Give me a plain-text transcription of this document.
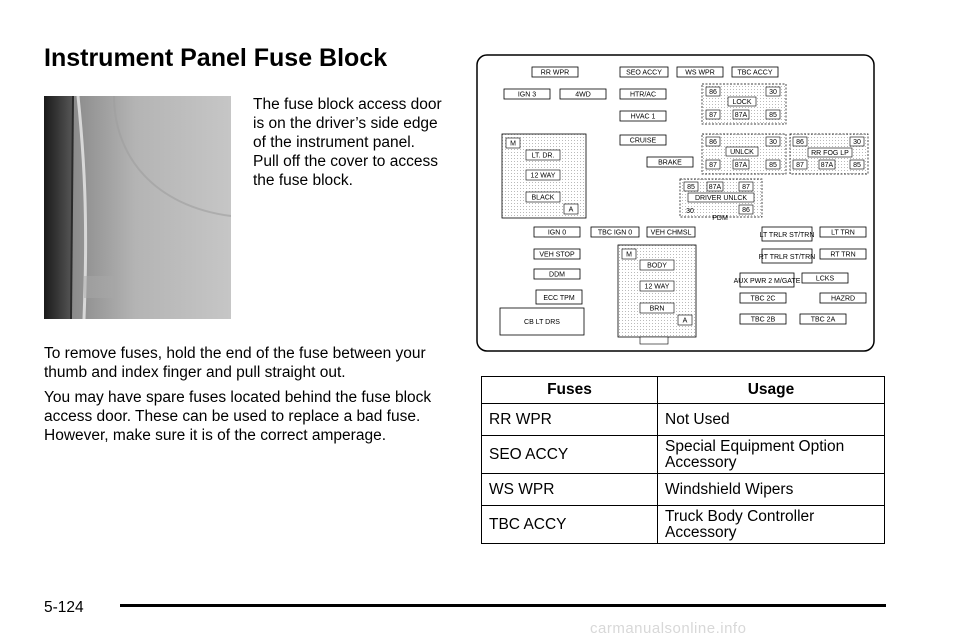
Instrument Panel Fuse Block

The fuse block access door is on the driver’s side edge of the instrument panel. Pull off the cover to access the fuse block.

To remove fuses, hold the end of the fuse between your thumb and index finger and pull straight out.

You may have spare fuses located behind the fuse block access door. These can be used to replace a bad fuse. However, make sure it is of the correct amperage.

RR WPR	SEO ACCY	WS WPR	TBC ACCY
IGN 3	4WD	HTR/AC
HVAC 1
CRUISE
BRAKE
86	30
LOCK
87	87A	85
86	30
UNLCK
87	87A	85
86	30
RR FOG LP
87 87A	85
85 87A	87
DRIVER UNLCK
30	86
PDM
M
LT. DR.
12 WAY
BLACK
A
IGN 0	TBC IGN 0	VEH CHMSL
VEH STOP
DDM
ECC TPM
CB LT DRS
M
BODY
12 WAY
BRN
A
LT TRLR ST/TRN LT TRN
RT TRLR ST/TRN RT TRN
AUX PWR 2 M/GATE LCKS
TBC 2C	HAZRD
TBC 2B	TBC 2A
Fuses	Usage
RR WPR	Not Used
SEO ACCY	Special Equipment Option Accessory
WS WPR	Windshield Wipers
TBC ACCY	Truck Body Controller Accessory
5-124
carmanualsonline.info
